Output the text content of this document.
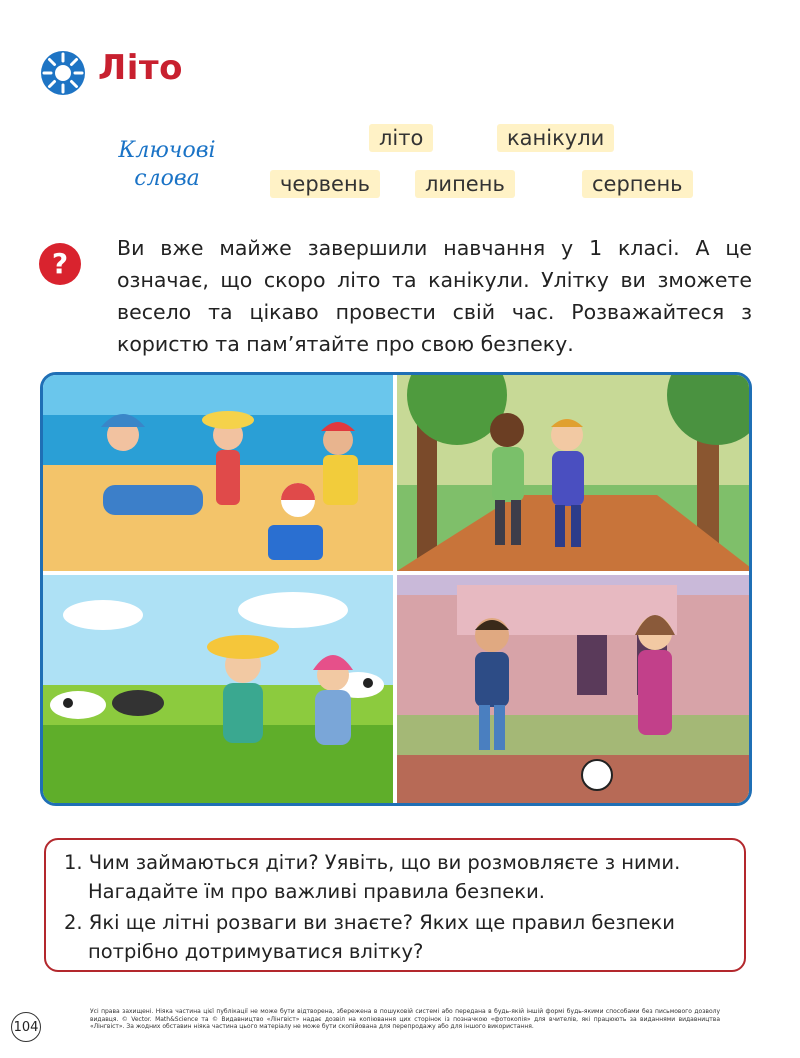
Літо
Ключові
слова
літо	канікули
червень	липень	серпень
? Ви вже майже завершили навчання у 1 класі. А це означає, що скоро літо та канікули. Улітку ви зможете весело та цікаво провести свій час. Розважайтеся з користю та пам’ятайте про свою безпеку.
1. Чим займаються діти? Уявіть, що ви розмовляєте з ними.
Нагадайте їм про важливі правила безпеки.
2. Які ще літні розваги ви знаєте? Яких ще правил безпеки
потрібно дотримуватися влітку?
104
Усі права захищені. Ніяка частина цієї публікації не може бути відтворена, збережена в пошуковій системі або передана в будь-якій іншій формі будь-якими способами без письмового дозволу видавця. © Vector. Math&Science та © Видавництво «Лінгвіст» надає дозвіл на копіювання цих сторінок із позначкою «фотокопія» для вчителів, які працюють за виданнями видавництва «Лінгвіст». За жодних обставин ніяка частина цього матеріалу не може бути скопійована для перепродажу або для іншого використання.
